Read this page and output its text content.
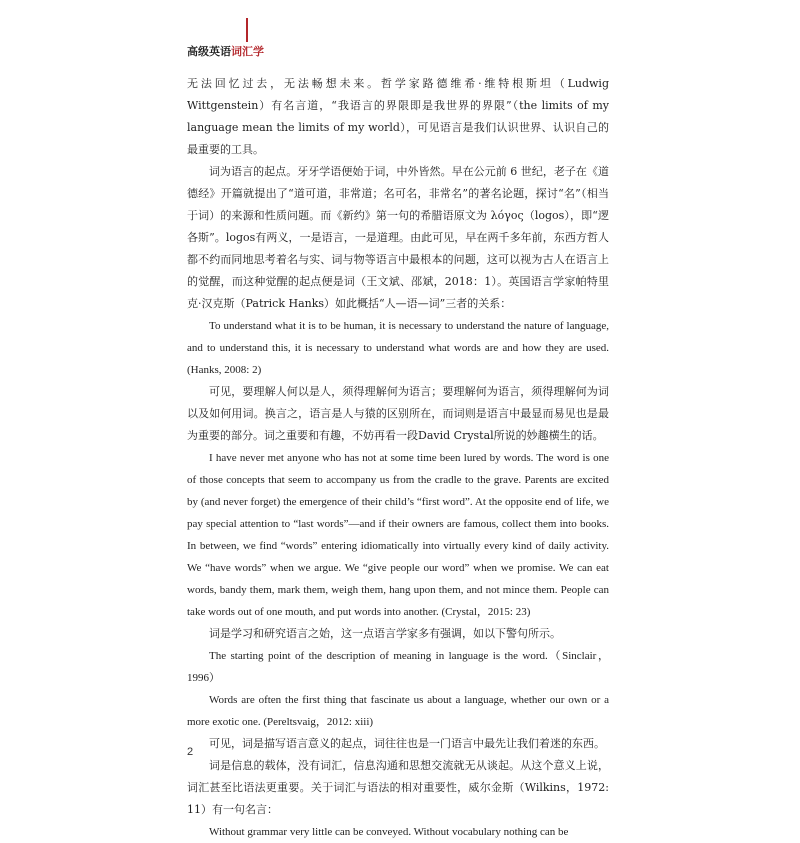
高级英语词汇学

无法回忆过去，无法畅想未来。哲学家路德维希·维特根斯坦（Ludwig Wittgenstein）有名言道，“我语言的界限即是我世界的界限”（the limits of my language mean the limits of my world），可见语言是我们认识世界、认识自己的最重要的工具。

词为语言的起点。牙牙学语便始于词，中外皆然。早在公元前 6 世纪，老子在《道德经》开篇就提出了“道可道，非常道；名可名，非常名”的著名论题，探讨“名”（相当于词）的来源和性质问题。而《新约》第一句的希腊语原文为 λόγος（logos），即“逻各斯”。logos有两义，一是语言，一是道理。由此可见，早在两千多年前，东西方哲人都不约而同地思考着名与实、词与物等语言中最根本的问题，这可以视为古人在语言上的觉醒，而这种觉醒的起点便是词（王文斌、邵斌，2018：1）。英国语言学家帕特里克·汉克斯（Patrick Hanks）如此概括“人—语—词”三者的关系：

To understand what it is to be human, it is necessary to understand the nature of language, and to understand this, it is necessary to understand what words are and how they are used. (Hanks, 2008: 2)

可见，要理解人何以是人，须得理解何为语言；要理解何为语言，须得理解何为词以及如何用词。换言之，语言是人与猿的区别所在，而词则是语言中最显而易见也是最为重要的部分。词之重要和有趣，不妨再看一段David Crystal所说的妙趣横生的话。

I have never met anyone who has not at some time been lured by words. The word is one of those concepts that seem to accompany us from the cradle to the grave. Parents are excited by (and never forget) the emergence of their child’s “first word”. At the opposite end of life, we pay special attention to “last words”—and if their owners are famous, collect them into books. In between, we find “words” entering idiomatically into virtually every kind of daily activity. We “have words” when we argue. We “give people our word” when we promise. We can eat words, bandy them, mark them, weigh them, hang upon them, and not mince them. People can take words out of one mouth, and put words into another. (Crystal，2015: 23)

词是学习和研究语言之始，这一点语言学家多有强调，如以下警句所示。

The starting point of the description of meaning in language is the word.（Sinclair，1996）

Words are often the first thing that fascinate us about a language, whether our own or a more exotic one. (Pereltsvaig，2012: xiii)

可见，词是描写语言意义的起点，词往往也是一门语言中最先让我们着迷的东西。

词是信息的载体，没有词汇，信息沟通和思想交流就无从谈起。从这个意义上说，词汇甚至比语法更重要。关于词汇与语法的相对重要性，威尔金斯（Wilkins，1972: 11）有一句名言：

Without grammar very little can be conveyed. Without vocabulary nothing can be

2
